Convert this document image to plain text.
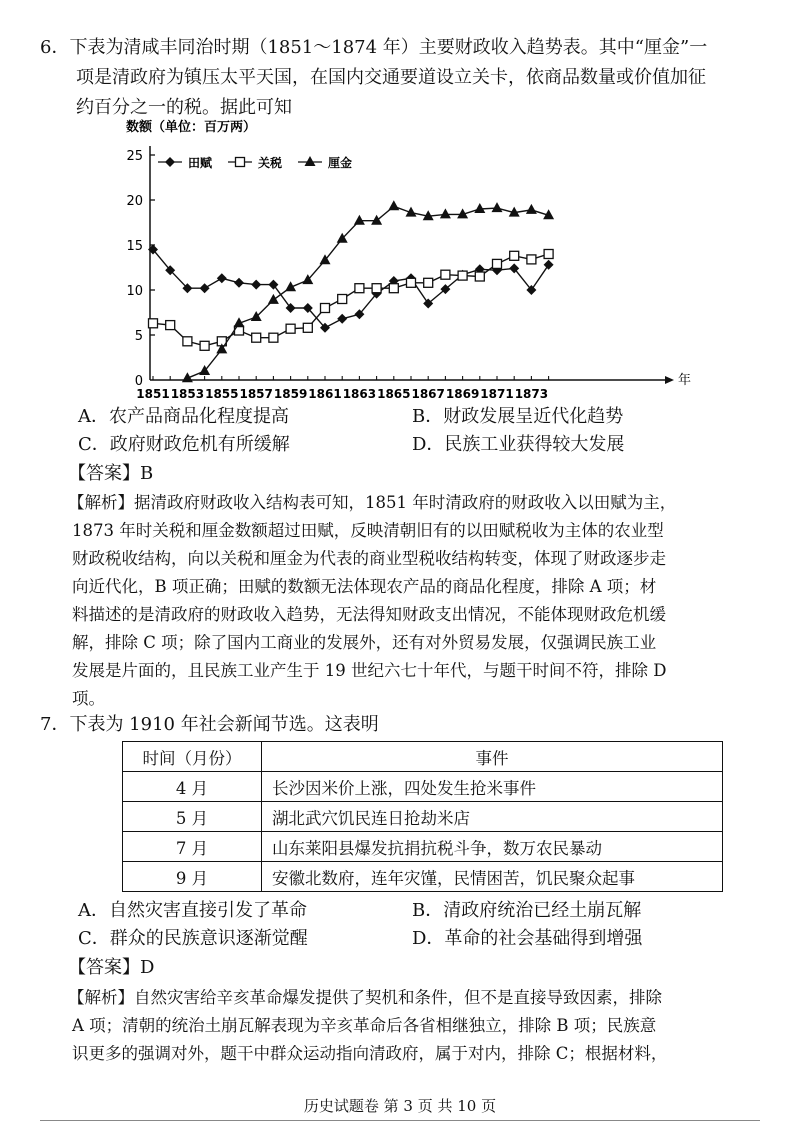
6．下表为清咸丰同治时期（1851～1874 年）主要财政收入趋势表。其中“厘金”一
项是清政府为镇压太平天国，在国内交通要道设立关卡，依商品数量或价值加征
约百分之一的税。据此可知
数额（单位：百万两）
年
0
5
10
15
20
25
1851 1853 1855 1857 1859 1861 1863 1865 1867 1869 1871 1873
田赋	关税	厘金
A．农产品商品化程度提高	B．财政发展呈近代化趋势
C．政府财政危机有所缓解	D．民族工业获得较大发展
【答案】B
【解析】据清政府财政收入结构表可知，1851 年时清政府的财政收入以田赋为主，
1873 年时关税和厘金数额超过田赋，反映清朝旧有的以田赋税收为主体的农业型
财政税收结构，向以关税和厘金为代表的商业型税收结构转变，体现了财政逐步走
向近代化，B 项正确；田赋的数额无法体现农产品的商品化程度，排除 A 项；材
料描述的是清政府的财政收入趋势，无法得知财政支出情况，不能体现财政危机缓
解，排除 C 项；除了国内工商业的发展外，还有对外贸易发展，仅强调民族工业
发展是片面的，且民族工业产生于 19 世纪六七十年代，与题干时间不符，排除 D
项。
7．下表为 1910 年社会新闻节选。这表明
时间（月份）	事件
4 月	长沙因米价上涨，四处发生抢米事件
5 月	湖北武穴饥民连日抢劫米店
7 月	山东莱阳县爆发抗捐抗税斗争，数万农民暴动
9 月	安徽北数府，连年灾馑，民情困苦，饥民聚众起事
A．自然灾害直接引发了革命	B．清政府统治已经土崩瓦解
C．群众的民族意识逐渐觉醒	D．革命的社会基础得到增强
【答案】D
【解析】自然灾害给辛亥革命爆发提供了契机和条件，但不是直接导致因素，排除
A 项；清朝的统治土崩瓦解表现为辛亥革命后各省相继独立，排除 B 项；民族意
识更多的强调对外，题干中群众运动指向清政府，属于对内，排除 C；根据材料，
历史试题卷 第 3 页 共 10 页
